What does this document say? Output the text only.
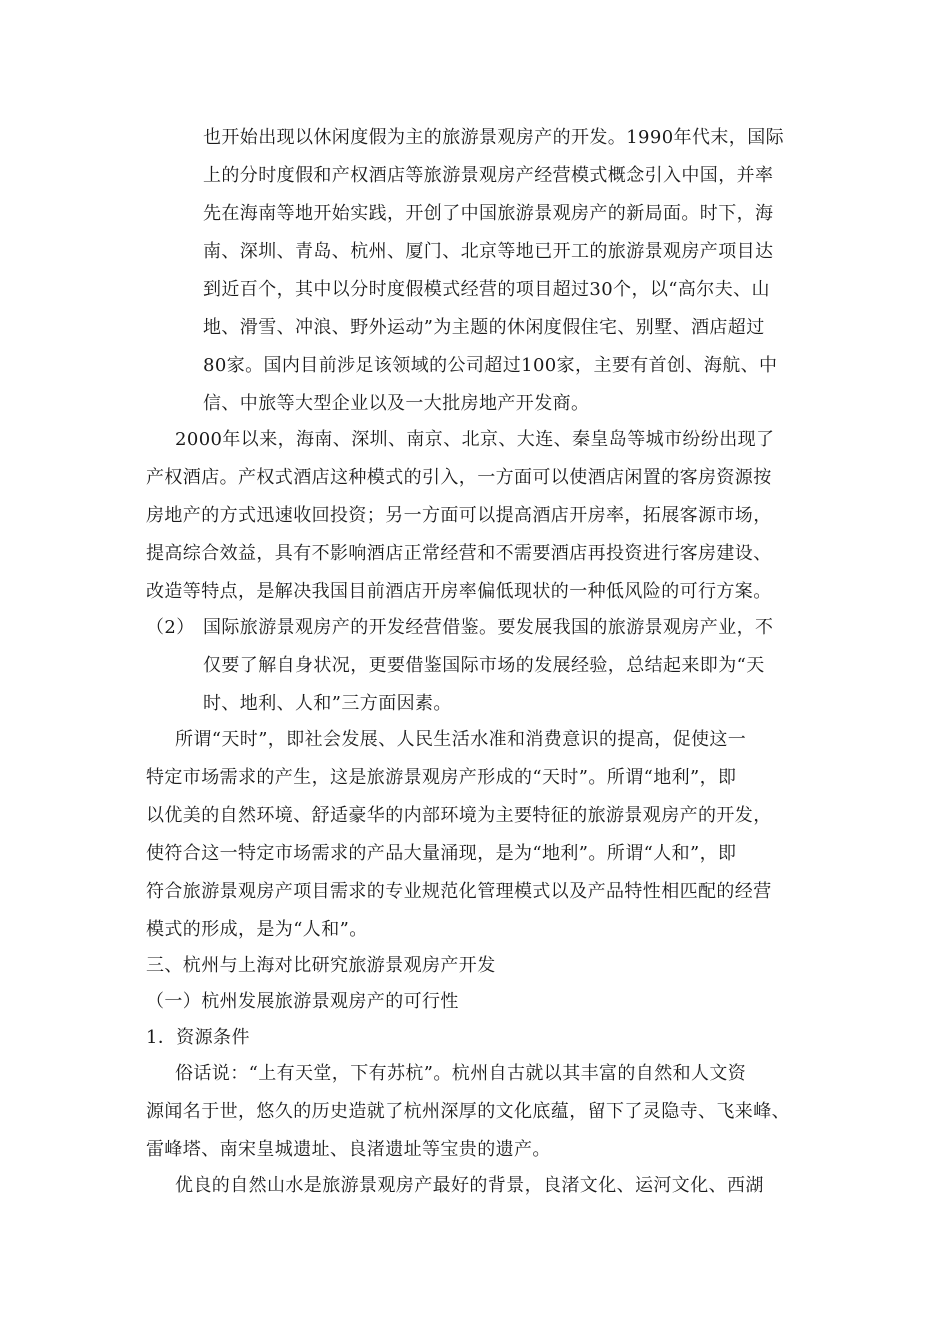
也开始出现以休闲度假为主的旅游景观房产的开发。1990年代末，国际
上的分时度假和产权酒店等旅游景观房产经营模式概念引入中国，并率
先在海南等地开始实践，开创了中国旅游景观房产的新局面。时下，海
南、深圳、青岛、杭州、厦门、北京等地已开工的旅游景观房产项目达
到近百个，其中以分时度假模式经营的项目超过30个，以“高尔夫、山
地、滑雪、冲浪、野外运动”为主题的休闲度假住宅、别墅、酒店超过
80家。国内目前涉足该领域的公司超过100家，主要有首创、海航、中
信、中旅等大型企业以及一大批房地产开发商。
2000年以来，海南、深圳、南京、北京、大连、秦皇岛等城市纷纷出现了
产权酒店。产权式酒店这种模式的引入，一方面可以使酒店闲置的客房资源按
房地产的方式迅速收回投资；另一方面可以提高酒店开房率，拓展客源市场，
提高综合效益，具有不影响酒店正常经营和不需要酒店再投资进行客房建设、
改造等特点，是解决我国目前酒店开房率偏低现状的一种低风险的可行方案。
（2） 国际旅游景观房产的开发经营借鉴。要发展我国的旅游景观房产业，不
仅要了解自身状况，更要借鉴国际市场的发展经验，总结起来即为“天
时、地利、人和”三方面因素。
所谓“天时”，即社会发展、人民生活水准和消费意识的提高，促使这一
特定市场需求的产生，这是旅游景观房产形成的“天时”。所谓“地利”，即
以优美的自然环境、舒适豪华的内部环境为主要特征的旅游景观房产的开发，
使符合这一特定市场需求的产品大量涌现，是为“地利”。所谓“人和”，即
符合旅游景观房产项目需求的专业规范化管理模式以及产品特性相匹配的经营
模式的形成，是为“人和”。
三、杭州与上海对比研究旅游景观房产开发
（一）杭州发展旅游景观房产的可行性
1．资源条件
俗话说：“上有天堂，下有苏杭”。杭州自古就以其丰富的自然和人文资
源闻名于世，悠久的历史造就了杭州深厚的文化底蕴，留下了灵隐寺、飞来峰、
雷峰塔、南宋皇城遗址、良渚遗址等宝贵的遗产。
优良的自然山水是旅游景观房产最好的背景，良渚文化、运河文化、西湖
